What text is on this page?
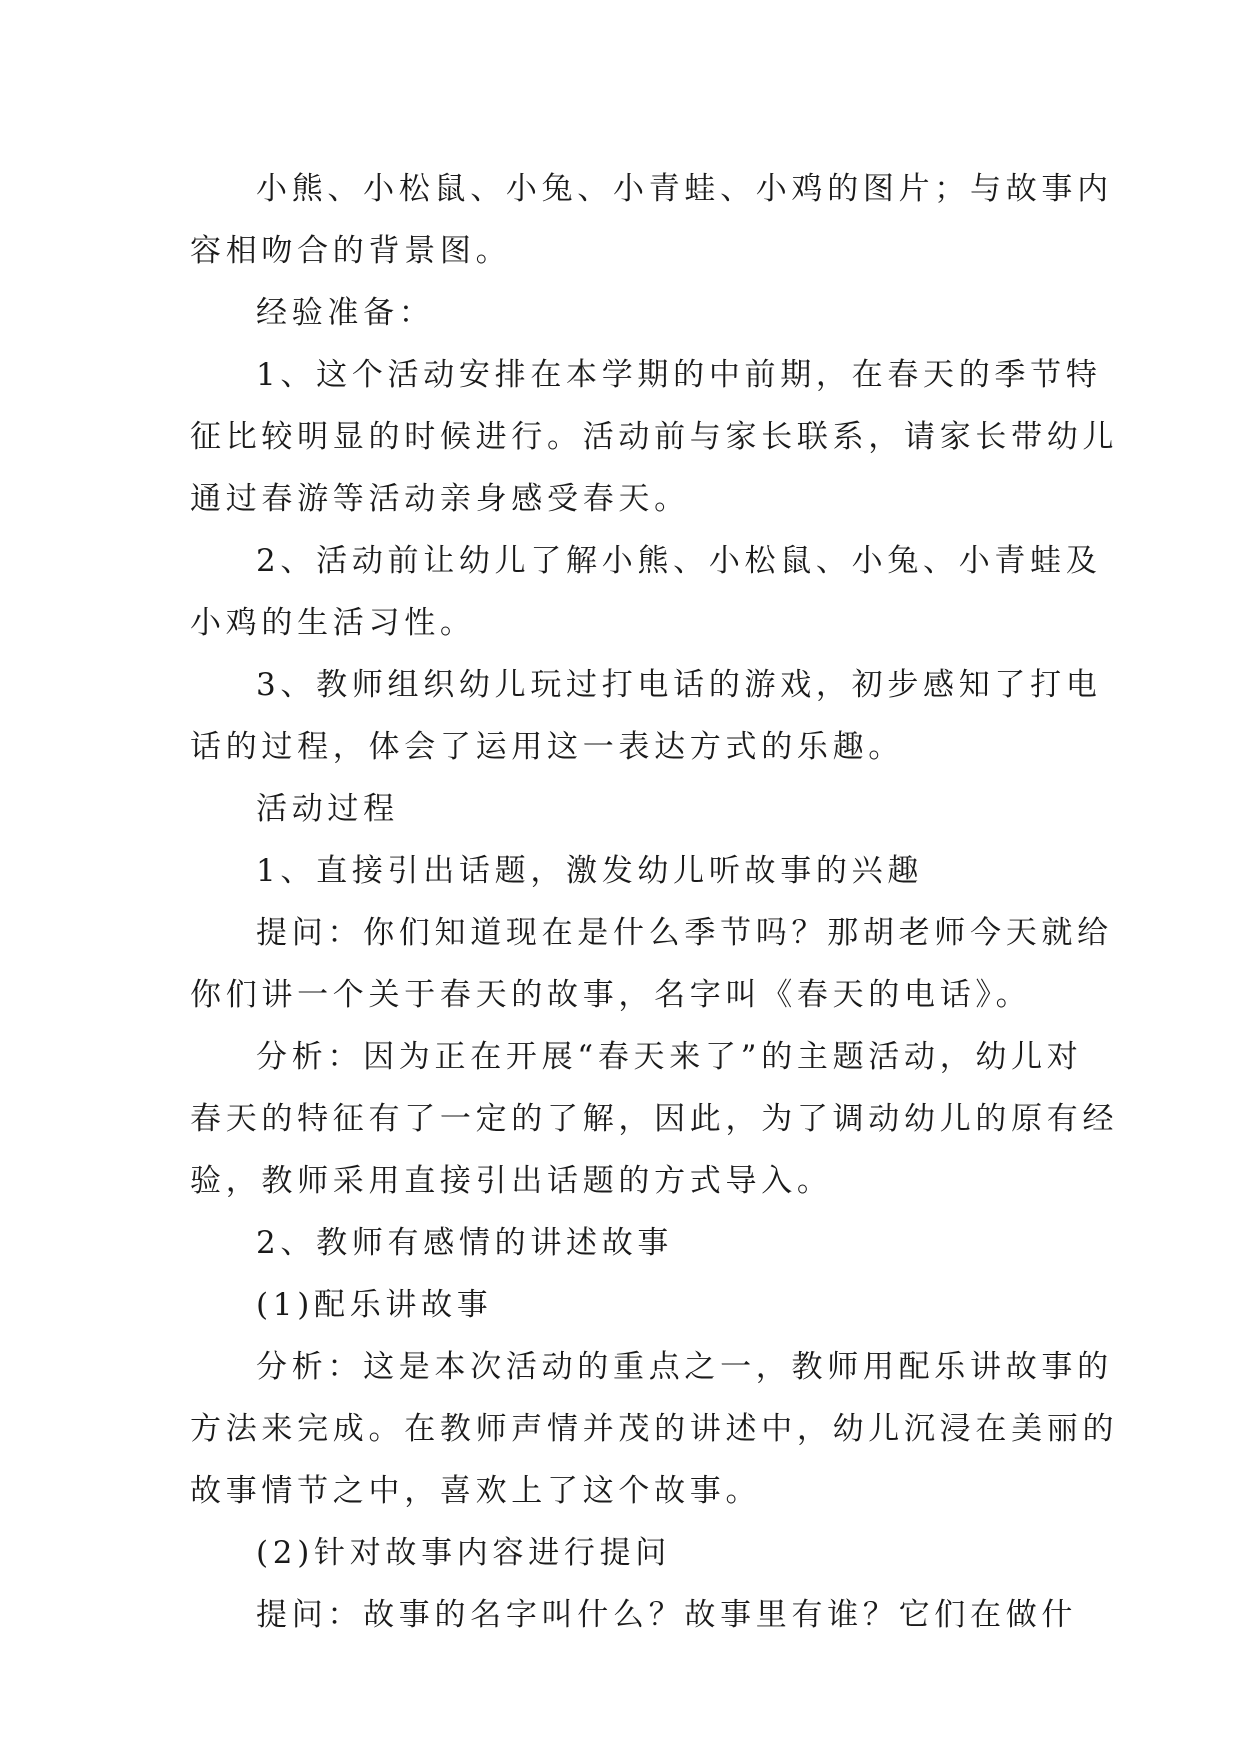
小熊、小松鼠、小兔、小青蛙、小鸡的图片；与故事内
容相吻合的背景图。
经验准备：
1、这个活动安排在本学期的中前期，在春天的季节特
征比较明显的时候进行。活动前与家长联系，请家长带幼儿
通过春游等活动亲身感受春天。
2、活动前让幼儿了解小熊、小松鼠、小兔、小青蛙及
小鸡的生活习性。
3、教师组织幼儿玩过打电话的游戏，初步感知了打电
话的过程，体会了运用这一表达方式的乐趣。
活动过程
1、直接引出话题，激发幼儿听故事的兴趣
提问：你们知道现在是什么季节吗？那胡老师今天就给
你们讲一个关于春天的故事，名字叫《春天的电话》。
分析：因为正在开展“春天来了”的主题活动，幼儿对
春天的特征有了一定的了解，因此，为了调动幼儿的原有经
验，教师采用直接引出话题的方式导入。
2、教师有感情的讲述故事
(1)配乐讲故事
分析：这是本次活动的重点之一，教师用配乐讲故事的
方法来完成。在教师声情并茂的讲述中，幼儿沉浸在美丽的
故事情节之中，喜欢上了这个故事。
(2)针对故事内容进行提问
提问：故事的名字叫什么？故事里有谁？它们在做什
